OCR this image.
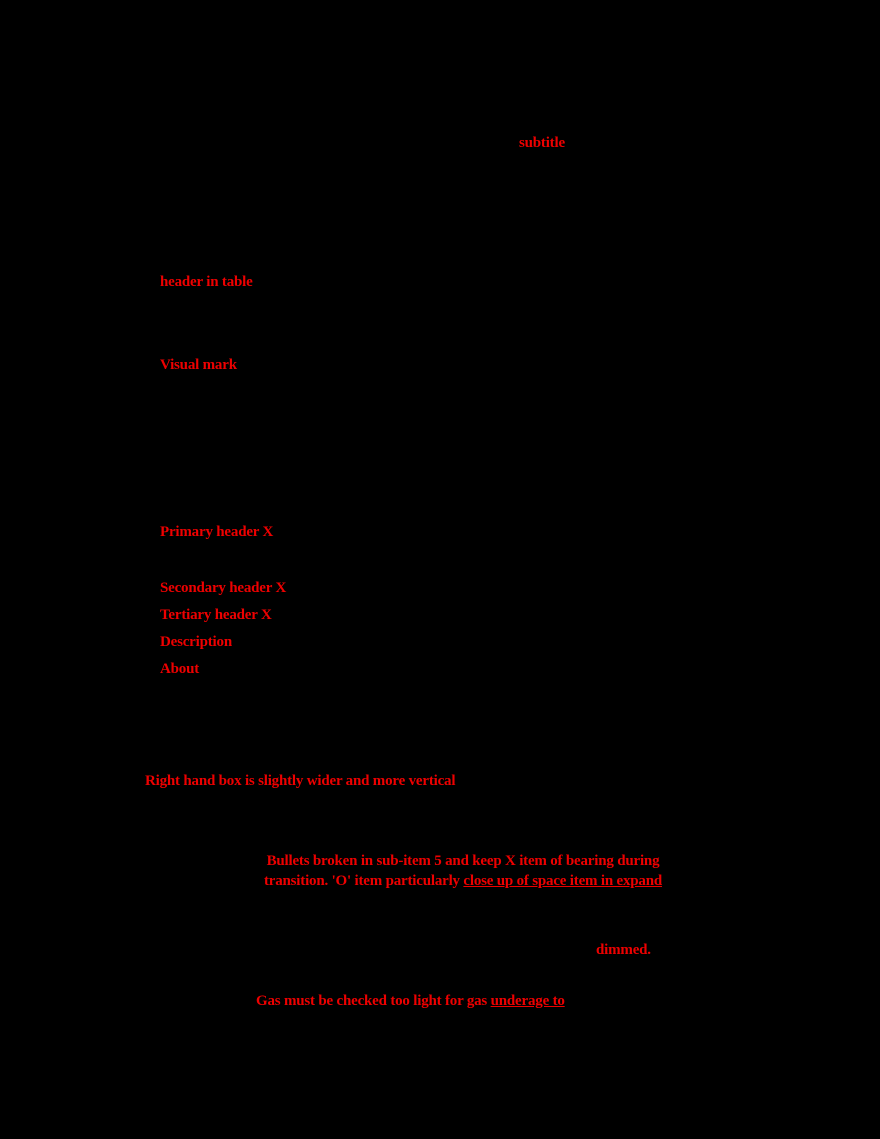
subtitle
header in table
Visual mark
Primary header X
Secondary header X
Tertiary header X
Description
About
Right hand box is slightly wider and more vertical
Bullets broken in sub-item 5 and keep X item of bearing during
transition. 'O' item particularly close up of space item in expand
dimmed.
Gas must be checked too light for gas underage to
